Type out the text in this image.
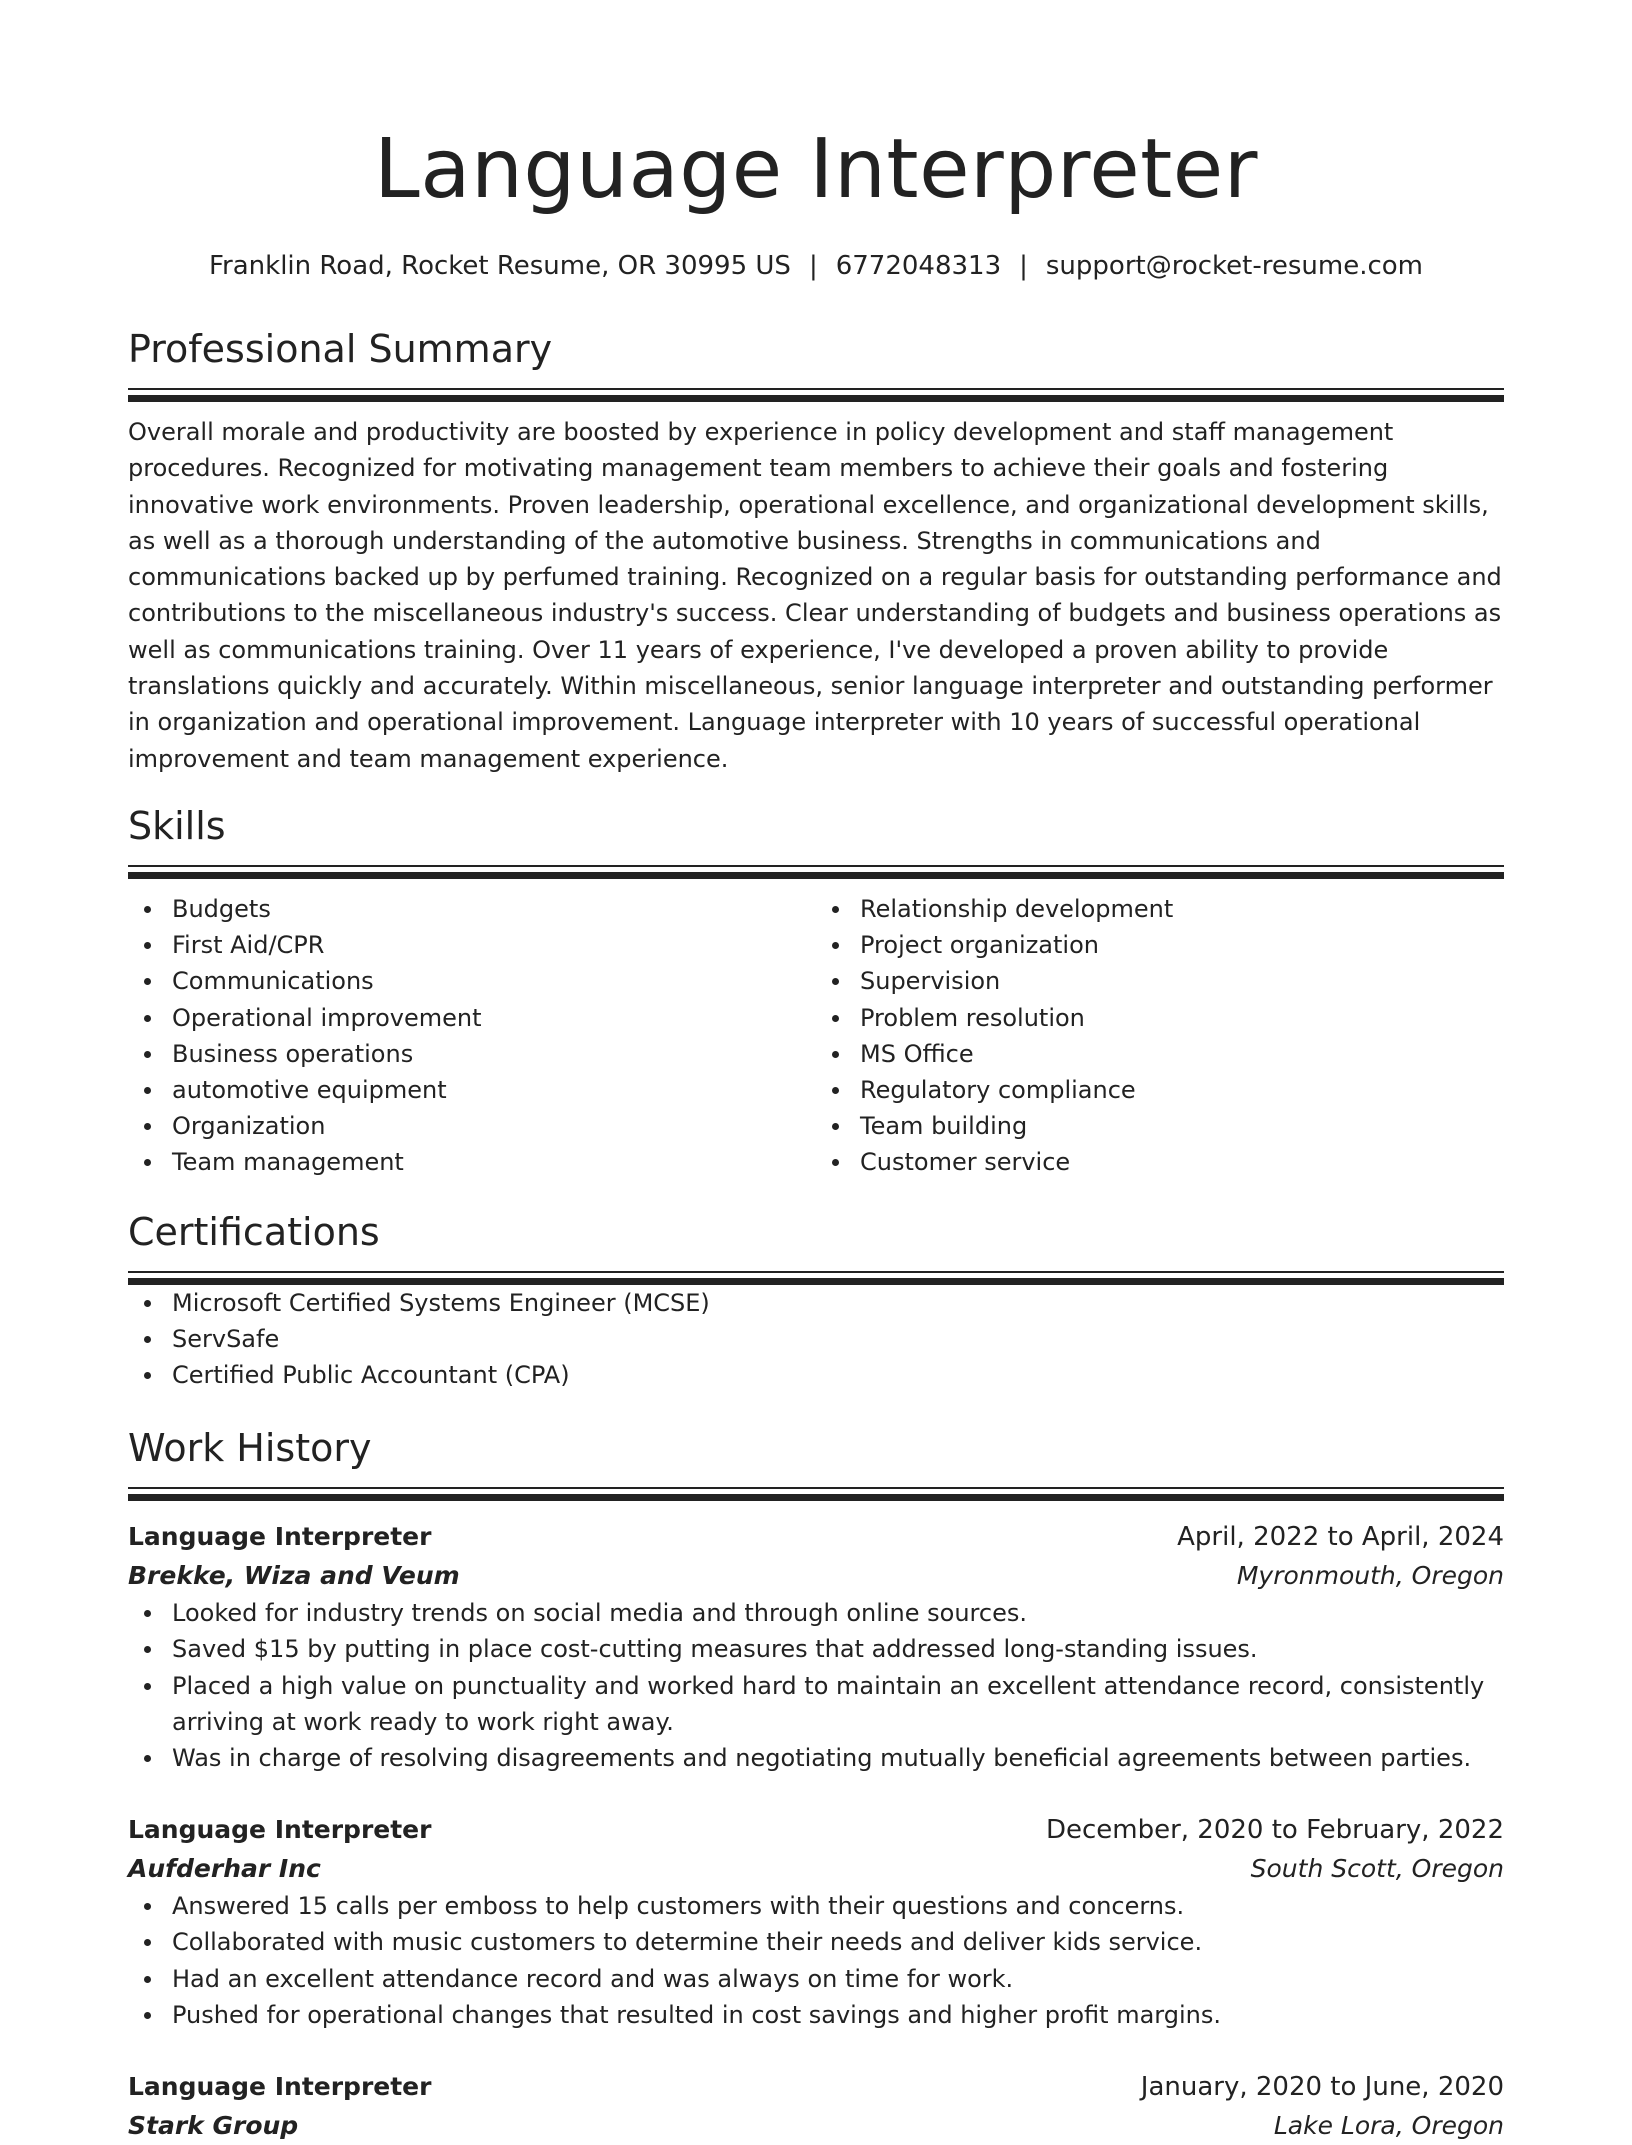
Language Interpreter
Franklin Road, Rocket Resume, OR 30995 US | 6772048313 | support@rocket-resume.com
Professional Summary

Overall morale and productivity are boosted by experience in policy development and staff management procedures. Recognized for motivating management team members to achieve their goals and fostering innovative work environments. Proven leadership, operational excellence, and organizational development skills, as well as a thorough understanding of the automotive business. Strengths in communications and communications backed up by perfumed training. Recognized on a regular basis for outstanding performance and contributions to the miscellaneous industry's success. Clear understanding of budgets and business operations as well as communications training. Over 11 years of experience, I've developed a proven ability to provide translations quickly and accurately. Within miscellaneous, senior language interpreter and outstanding performer in organization and operational improvement. Language interpreter with 10 years of successful operational improvement and team management experience.

Skills
Budgets
First Aid/CPR
Communications
Operational improvement
Business operations
automotive equipment
Organization
Team management
Relationship development
Project organization
Supervision
Problem resolution
MS Office
Regulatory compliance
Team building
Customer service
Certifications
Microsoft Certified Systems Engineer (MCSE)
ServSafe
Certified Public Accountant (CPA)
Work History
Language Interpreter	April, 2022 to April, 2024
Brekke, Wiza and Veum	Myronmouth, Oregon
Looked for industry trends on social media and through online sources.
Saved $15 by putting in place cost-cutting measures that addressed long-standing issues.
Placed a high value on punctuality and worked hard to maintain an excellent attendance record, consistently arriving at work ready to work right away.
Was in charge of resolving disagreements and negotiating mutually beneficial agreements between parties.
Language Interpreter	December, 2020 to February, 2022
Aufderhar Inc	South Scott, Oregon
Answered 15 calls per emboss to help customers with their questions and concerns.
Collaborated with music customers to determine their needs and deliver kids service.
Had an excellent attendance record and was always on time for work.
Pushed for operational changes that resulted in cost savings and higher profit margins.
Language Interpreter	January, 2020 to June, 2020
Stark Group	Lake Lora, Oregon
